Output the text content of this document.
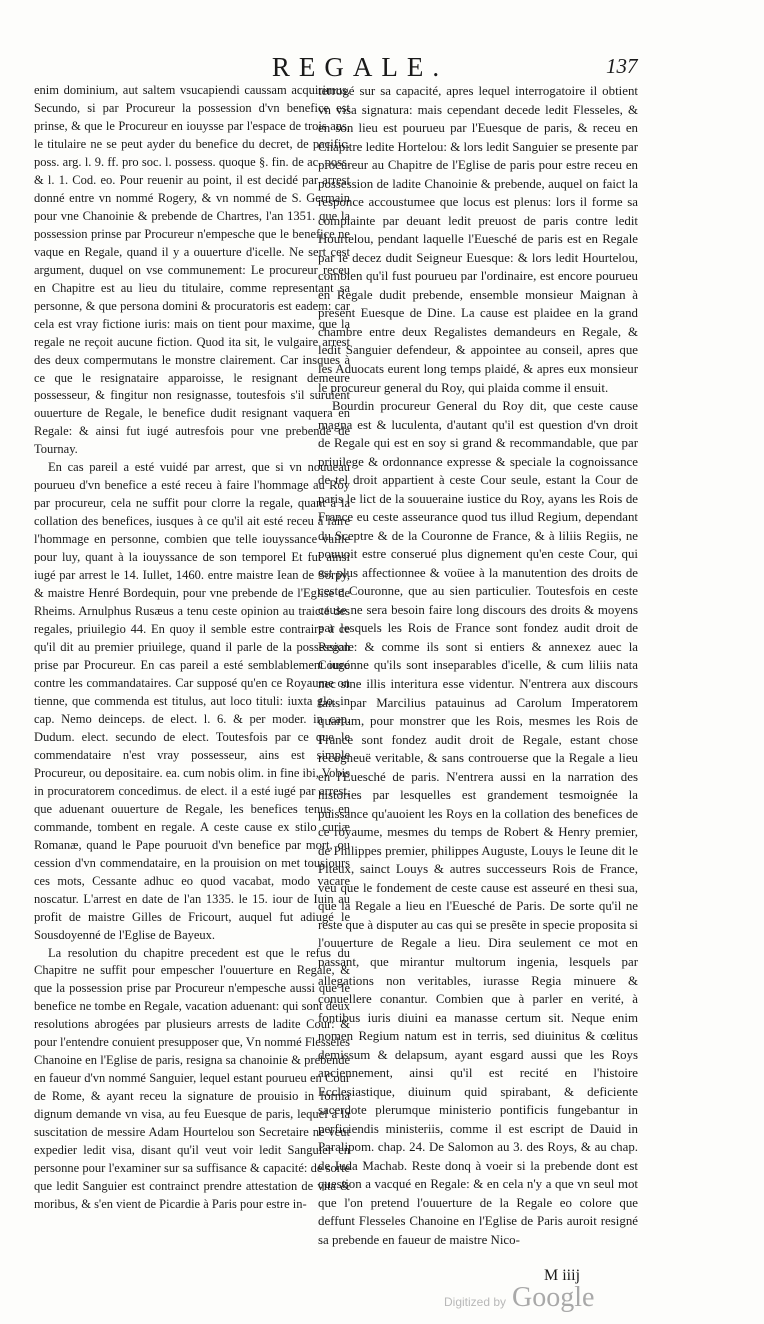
REGALE.	137

enim dominium, aut saltem vsucapiendi caussam acquirimus. Secundo, si par Procureur la possession d'vn benefice est prinse, & que le Procureur en iouysse par l'espace de trois ans, le titulaire ne se peut ayder du benefice du decret, de pacific. poss. arg. l. 9. ff. pro soc. l. possess. quoque §. fin. de ac. poss. & l. 1. Cod. eo. Pour reuenir au point, il est decidé par arrest donné entre vn nommé Rogery, & vn nommé de S. Germain pour vne Chanoinie & prebende de Chartres, l'an 1351. que la possession prinse par Procureur n'empesche que le benefice ne vaque en Regale, quand il y a ouuerture d'icelle. Ne sert cest argument, duquel on vse communement: Le procureur receu en Chapitre est au lieu du titulaire, comme representant sa personne, & que persona domini & procuratoris est eadem: car cela est vray fictione iuris: mais on tient pour maxime, que la regale ne reçoit aucune fiction. Quod ita sit, le vulgaire arrest des deux compermutans le monstre clairement. Car insques à ce que le resignataire apparoisse, le resignant demeure possesseur, & fingitur non resignasse, toutesfois s'il suruient ouuerture de Regale, le benefice dudit resignant vaquera en Regale: & ainsi fut iugé autresfois pour vne prebende de Tournay.

En cas pareil a esté vuidé par arrest, que si vn nouueau pourueu d'vn benefice a esté receu à faire l'hommage au Roy par procureur, cela ne suffit pour clorre la regale, quant à la collation des benefices, iusques à ce qu'il ait esté receu à faire l'hommage en personne, combien que telle iouyssance vaille pour luy, quant à la iouyssance de son temporel Et fut ainsi iugé par arrest le 14. Iullet, 1460. entre maistre Iean de Sorpy, & maistre Henré Bordequin, pour vne prebende de l'Eglise de Rheims. Arnulphus Rusæus a tenu ceste opinion au traicté des regales, priuilegio 44. En quoy il semble estre contraire à ce qu'il dit au premier priuilege, quand il parle de la possession prise par Procureur. En cas pareil a esté semblablement iugé contre les commandataires. Car supposé qu'en ce Royaume on tienne, que commenda est titulus, aut loco tituli: iuxta glo. in cap. Nemo deinceps. de elect. l. 6. & per moder. in cap. Dudum. elect. secundo de elect. Toutesfois par ce que le commendataire n'est vray possesseur, ains est simple Procureur, ou depositaire. ea. cum nobis olim. in fine ibi, Vobis in procuratorem concedimus. de elect. il a esté iugé par arrest, que aduenant ouuerture de Regale, les benefices tenus en commande, tombent en regale. A ceste cause ex stilo curiæ Romanæ, quand le Pape pouruoit d'vn benefice par mort, ou cession d'vn commendataire, en la prouision on met tousiours ces mots, Cessante adhuc eo quod vacabat, modo vacare noscatur. L'arrest en date de l'an 1335. le 15. iour de Iuin au profit de maistre Gilles de Fricourt, auquel fut adiugé le Sousdoyenné de l'Eglise de Bayeux.

La resolution du chapitre precedent est que le refus du Chapitre ne suffit pour empescher l'ouuerture en Regale, & que la possession prise par Procureur n'empesche aussi que le benefice ne tombe en Regale, vacation aduenant: qui sont deux resolutions abrogées par plusieurs arrests de ladite Cour: & pour l'entendre conuient presupposer que, Vn nommé Flesseles Chanoine en l'Eglise de paris, resigna sa chanoinie & prebende en faueur d'vn nommé Sanguier, lequel estant pourueu en Cour de Rome, & ayant receu la signature de prouisio in forma dignum demande vn visa, au feu Euesque de paris, lequel à la suscitation de messire Adam Hourtelou son Secretaire ne veut expedier ledit visa, disant qu'il veut voir ledit Sanguier en personne pour l'examiner sur sa suffisance & capacité: de sorte que ledit Sanguier est contrainct prendre attestation de vita & moribus, & s'en vient de Picardie à Paris pour estre in-

terrogé sur sa capacité, apres lequel interrogatoire il obtient vn visa signatura: mais cependant decede ledit Flesseles, & en son lieu est pourueu par l'Euesque de paris, & receu en Chapitre ledite Hortelou: & lors ledit Sanguier se presente par procureur au Chapitre de l'Eglise de paris pour estre receu en possession de ladite Chanoinie & prebende, auquel on faict la responce accoustumee que locus est plenus: lors il forme sa complainte par deuant ledit preuost de paris contre ledit Hourtelou, pendant laquelle l'Euesché de paris est en Regale par le decez dudit Seigneur Euesque: & lors ledit Hourtelou, combien qu'il fust pourueu par l'ordinaire, est encore pourueu en Regale dudit prebende, ensemble monsieur Maignan à present Euesque de Dine. La cause est plaidee en la grand chambre entre deux Regalistes demandeurs en Regale, & ledit Sanguier defendeur, & appointee au conseil, apres que les Aduocats eurent long temps plaidé, & apres eux monsieur le procureur general du Roy, qui plaida comme il ensuit.

Bourdin procureur General du Roy dit, que ceste cause magna est & luculenta, d'autant qu'il est question d'vn droit de Regale qui est en soy si grand & recommandable, que par priuilege & ordonnance expresse & speciale la cognoissance de tel droit appartient à ceste Cour seule, estant la Cour de paris le lict de la souueraine iustice du Roy, ayans les Rois de France eu ceste asseurance quod tus illud Regium, dependant du Sceptre & de la Couronne de France, & à liliis Regiis, ne pouuoit estre conserué plus dignement qu'en ceste Cour, qui est plus affectionnee & voüee à la manutention des droits de ceste Couronne, que au sien particulier. Toutesfois en ceste cause ne sera besoin faire long discours des droits & moyens par lesquels les Rois de France sont fondez audit droit de Regale: & comme ils sont si entiers & annexez auec la Couronne qu'ils sont inseparables d'icelle, & cum liliis nata nec sine illis interitura esse videntur. N'entrera aux discours faits par Marcilius patauinus ad Carolum Imperatorem quartum, pour monstrer que les Rois, mesmes les Rois de France sont fondez audit droit de Regale, estant chose recogneuë veritable, & sans controuerse que la Regale a lieu en l'Euesché de paris. N'entrera aussi en la narration des histories par lesquelles est grandement tesmoignée la puissance qu'auoient les Roys en la collation des benefices de ce royaume, mesmes du temps de Robert & Henry premier, de Philippes premier, philippes Auguste, Louys le Ieune dit le Piteux, sainct Louys & autres successeurs Rois de France, veu que le fondement de ceste cause est asseuré en thesi sua, que la Regale a lieu en l'Euesché de Paris. De sorte qu'il ne reste que à disputer au cas qui se presẽte in specie proposita si l'ouuerture de Regale a lieu. Dira seulement ce mot en passant, que mirantur multorum ingenia, lesquels par allegations non veritables, iurasse Regia minuere & conuellere conantur. Combien que à parler en verité, à fontibus iuris diuini ea manasse certum sit. Neque enim nomen Regium natum est in terris, sed diuinitus & cœlitus demissum & delapsum, ayant esgard aussi que les Roys anciennement, ainsi qu'il est recité en l'histoire Ecclesiastique, diuinum quid spirabant, & deficiente sacerdote plerumque ministerio pontificis fungebantur in perficiendis ministeriis, comme il est escript de Dauid in Paralipom. chap. 24. De Salomon au 3. des Roys, & au chap. de Iuda Machab. Reste donq à voeir si la prebende dont est question a vacqué en Regale: & en cela n'y a que vn seul mot que l'on pretend l'ouuerture de la Regale eo colore que deffunt Flesseles Chanoine en l'Eglise de Paris auroit resigné sa prebende en faueur de maistre Nico-

M iiij
Digitized by Google
